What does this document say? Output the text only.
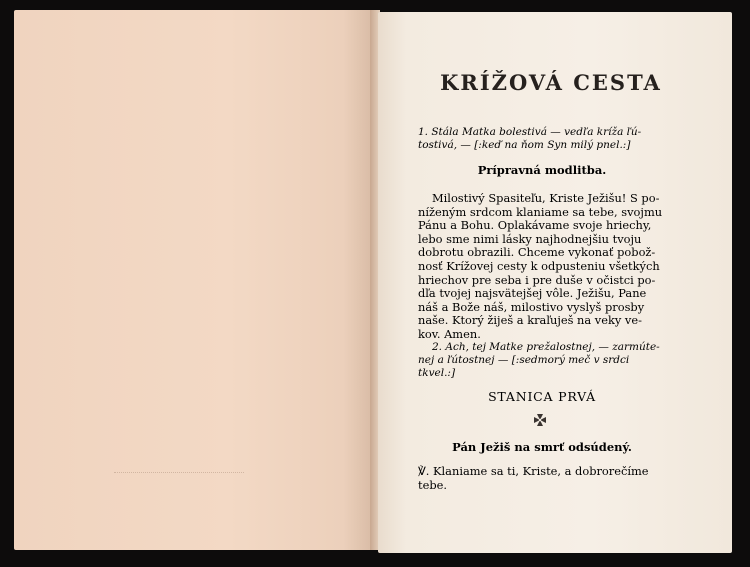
KRÍŽOVÁ CESTA
1. Stála Matka bolestivá — vedľa kríža ľú-
tostivá, — [:keď na ňom Syn milý pnel.:]
Prípravná modlitba.
Milostivý Spasiteľu, Kriste Ježišu! S po-
níženým srdcom klaniame sa tebe, svojmu
Pánu a Bohu. Oplakávame svoje hriechy,
lebo sme nimi lásky najhodnejšiu tvoju
dobrotu obrazili. Chceme vykonať pobož-
nosť Krížovej cesty k odpusteniu všetkých
hriechov pre seba i pre duše v očistci po-
dľa tvojej najsvätejšej vôle. Ježišu, Pane
náš a Bože náš, milostivo vyslyš prosby
naše. Ktorý žiješ a kraľuješ na veky ve-
kov. Amen.
2. Ach, tej Matke prežalostnej, — zarmúte-
nej a ľútostnej — [:sedmorý meč v srdci
tkvel.:]
STANICA PRVÁ
Pán Ježiš na smrť odsúdený.
℣. Klaniame sa ti, Kriste, a dobrorečíme
tebe.
